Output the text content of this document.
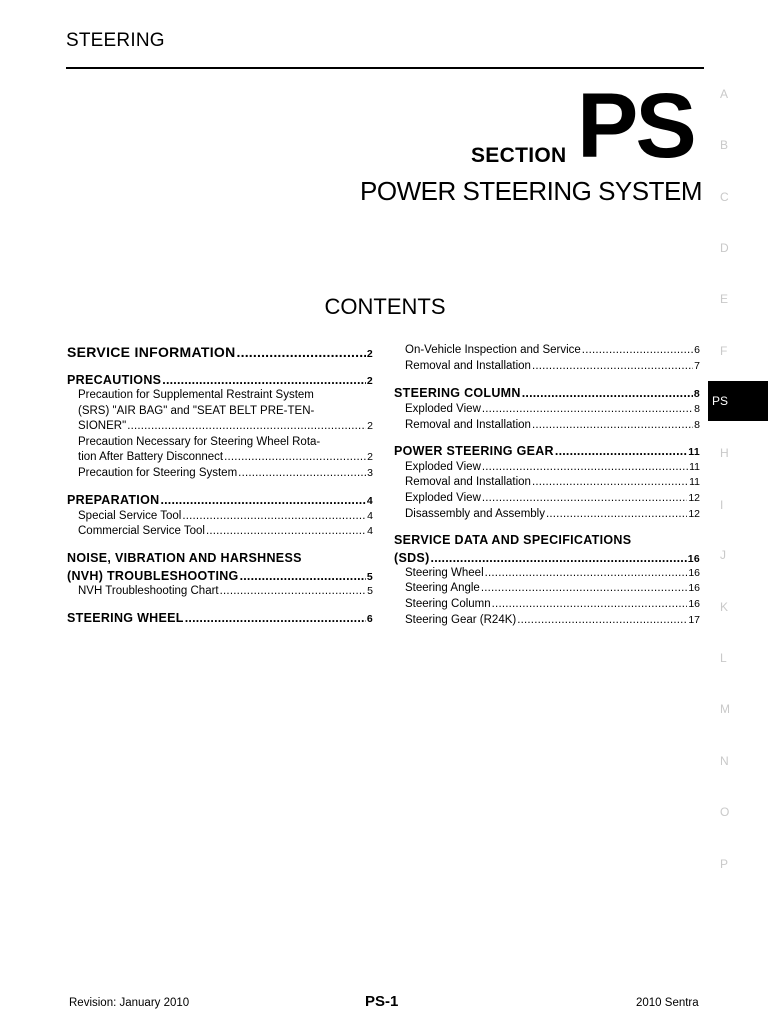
STEERING
SECTION PS
POWER STEERING SYSTEM
CONTENTS
SERVICE INFORMATION .....	2
PRECAUTIONS .....	2
Precaution for Supplemental Restraint System
(SRS) "AIR BAG" and "SEAT BELT PRE-TEN-
SIONER" .....	2
Precaution Necessary for Steering Wheel Rota-
tion After Battery Disconnect .....	2
Precaution for Steering System .....	3
PREPARATION .....	4
Special Service Tool .....	4
Commercial Service Tool .....	4
NOISE, VIBRATION AND HARSHNESS
(NVH) TROUBLESHOOTING .....	5
NVH Troubleshooting Chart .....	5
STEERING WHEEL .....	6
On-Vehicle Inspection and Service .....	6
Removal and Installation .....	7
STEERING COLUMN .....	8
Exploded View .....	8
Removal and Installation .....	8
POWER STEERING GEAR .....	11
Exploded View .....	11
Removal and Installation .....	11
Exploded View .....	12
Disassembly and Assembly .....	12
SERVICE DATA AND SPECIFICATIONS
(SDS) .....	16
Steering Wheel .....	16
Steering Angle .....	16
Steering Column .....	16
Steering Gear (R24K) .....	17
A
B
C
D
E
F
PS
H
I
J
K
L
M
N
O
P
Revision: January 2010	PS-1	2010 Sentra
